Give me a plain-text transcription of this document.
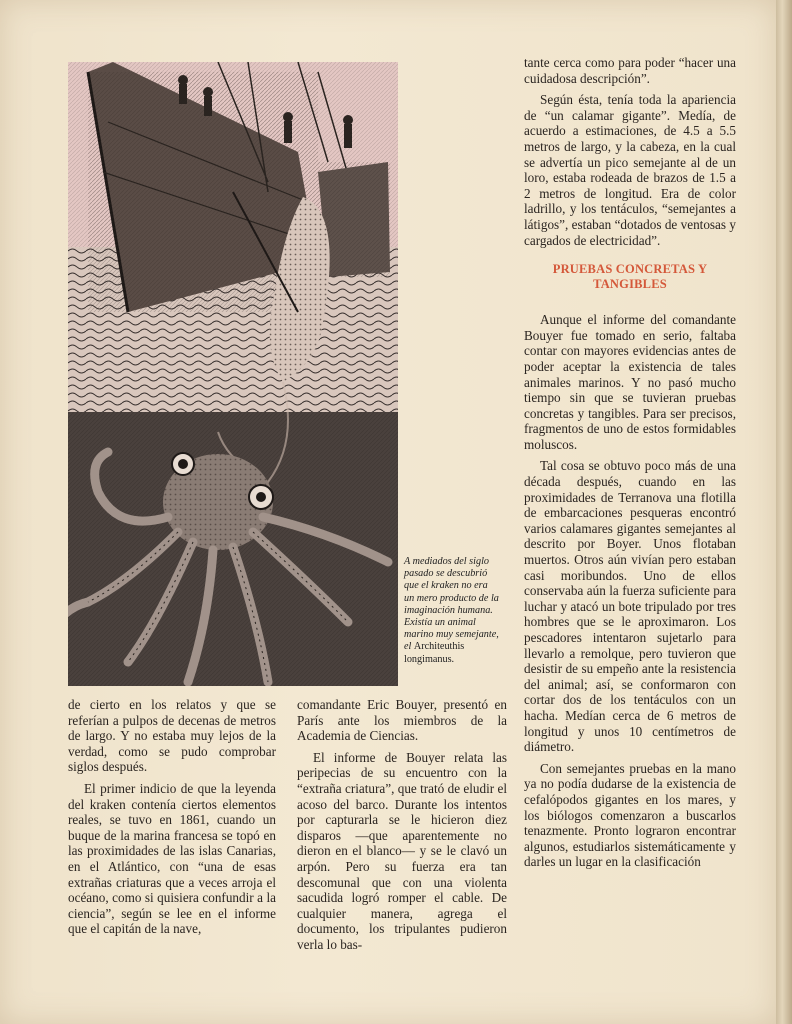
A mediados del siglo pasado se descubrió que el kraken no era un mero producto de la imaginación humana. Existía un animal marino muy semejante, el Architeuthis longimanus.

de cierto en los relatos y que se referían a pulpos de decenas de metros de largo. Y no estaba muy lejos de la verdad, como se pudo comprobar siglos después.

El primer indicio de que la leyenda del kraken contenía ciertos elementos reales, se tuvo en 1861, cuando un buque de la marina francesa se topó en las proximidades de las islas Canarias, en el Atlántico, con “una de esas extrañas criaturas que a veces arroja el océano, como si quisiera confundir a la ciencia”, según se lee en el informe que el capitán de la nave,

comandante Eric Bouyer, presentó en París ante los miembros de la Academia de Ciencias.

El informe de Bouyer relata las peripecias de su encuentro con la “extraña criatura”, que trató de eludir el acoso del barco. Durante los intentos por capturarla se le hicieron diez disparos —que aparentemente no dieron en el blanco— y se le clavó un arpón. Pero su fuerza era tan descomunal que con una violenta sacudida logró romper el cable. De cualquier manera, agrega el documento, los tripulantes pudieron verla lo bas-

tante cerca como para poder “hacer una cuidadosa descripción”.

Según ésta, tenía toda la apariencia de “un calamar gigante”. Medía, de acuerdo a estimaciones, de 4.5 a 5.5 metros de largo, y la cabeza, en la cual se advertía un pico semejante al de un loro, estaba rodeada de brazos de 1.5 a 2 metros de longitud. Era de color ladrillo, y los tentáculos, “semejantes a látigos”, estaban “dotados de ventosas y cargados de electricidad”.

PRUEBAS CONCRETAS Y TANGIBLES

Aunque el informe del comandante Bouyer fue tomado en serio, faltaba contar con mayores evidencias antes de poder aceptar la existencia de tales animales marinos. Y no pasó mucho tiempo sin que se tuvieran pruebas concretas y tangibles. Para ser precisos, fragmentos de uno de estos formidables moluscos.

Tal cosa se obtuvo poco más de una década después, cuando en las proximidades de Terranova una flotilla de embarcaciones pesqueras encontró varios calamares gigantes semejantes al descrito por Boyer. Unos flotaban muertos. Otros aún vivían pero estaban casi moribundos. Uno de ellos conservaba aún la fuerza suficiente para luchar y atacó un bote tripulado por tres hombres que se le aproximaron. Los pescadores intentaron sujetarlo para llevarlo a remolque, pero tuvieron que desistir de su empeño ante la resistencia del animal; así, se conformaron con cortar dos de los tentáculos con un hacha. Medían cerca de 6 metros de longitud y unos 10 centímetros de diámetro.

Con semejantes pruebas en la mano ya no podía dudarse de la existencia de cefalópodos gigantes en los mares, y los biólogos comenzaron a buscarlos tenazmente. Pronto lograron encontrar algunos, estudiarlos sistemáticamente y darles un lugar en la clasificación
